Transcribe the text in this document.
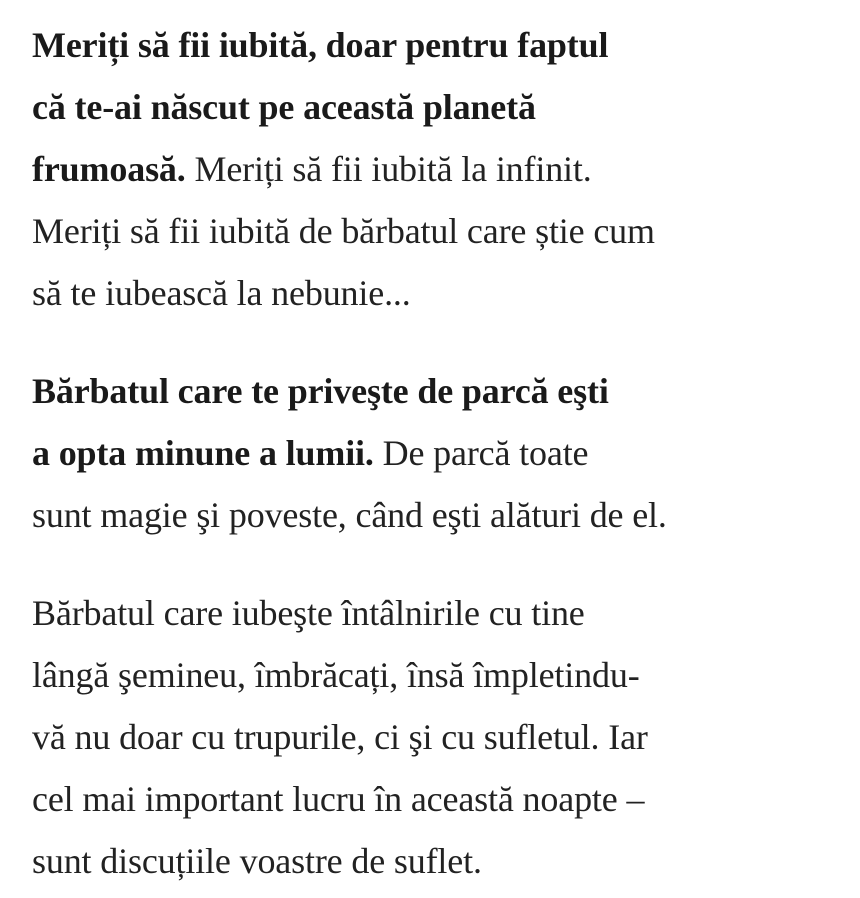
Meriți să fii iubită, doar pentru faptul
că te-ai născut pe această planetă
frumoasă. Meriți să fii iubită la infinit.
Meriți să fii iubită de bărbatul care știe cum
să te iubească la nebunie...

Bărbatul care te priveşte de parcă eşti
a opta minune a lumii. De parcă toate
sunt magie şi poveste, când eşti alături de el.

Bărbatul care iubeşte întâlnirile cu tine
lângă şemineu, îmbrăcați, însă împletindu-
vă nu doar cu trupurile, ci şi cu sufletul. Iar
cel mai important lucru în această noapte –
sunt discuțiile voastre de suflet.
